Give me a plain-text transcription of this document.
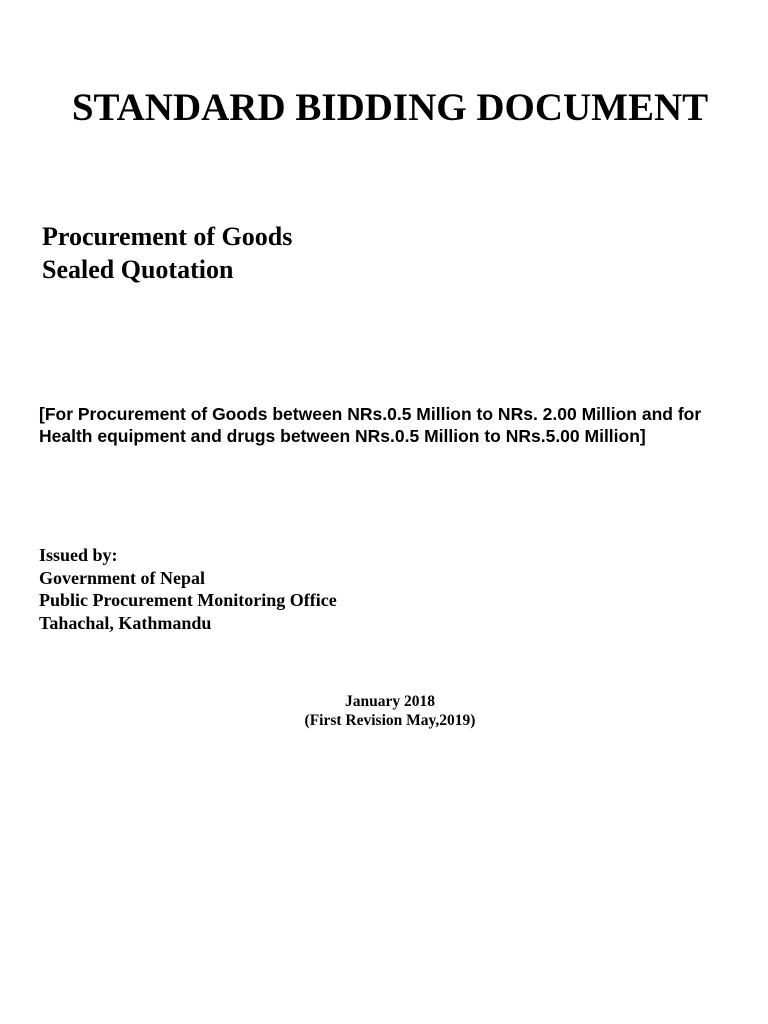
STANDARD BIDDING DOCUMENT
Procurement of Goods
Sealed Quotation
[For Procurement of Goods between NRs.0.5 Million to NRs. 2.00 Million and for Health equipment and drugs between NRs.0.5 Million to NRs.5.00 Million]
Issued by:
Government of Nepal
Public Procurement Monitoring Office
Tahachal, Kathmandu
January 2018
(First Revision May,2019)
